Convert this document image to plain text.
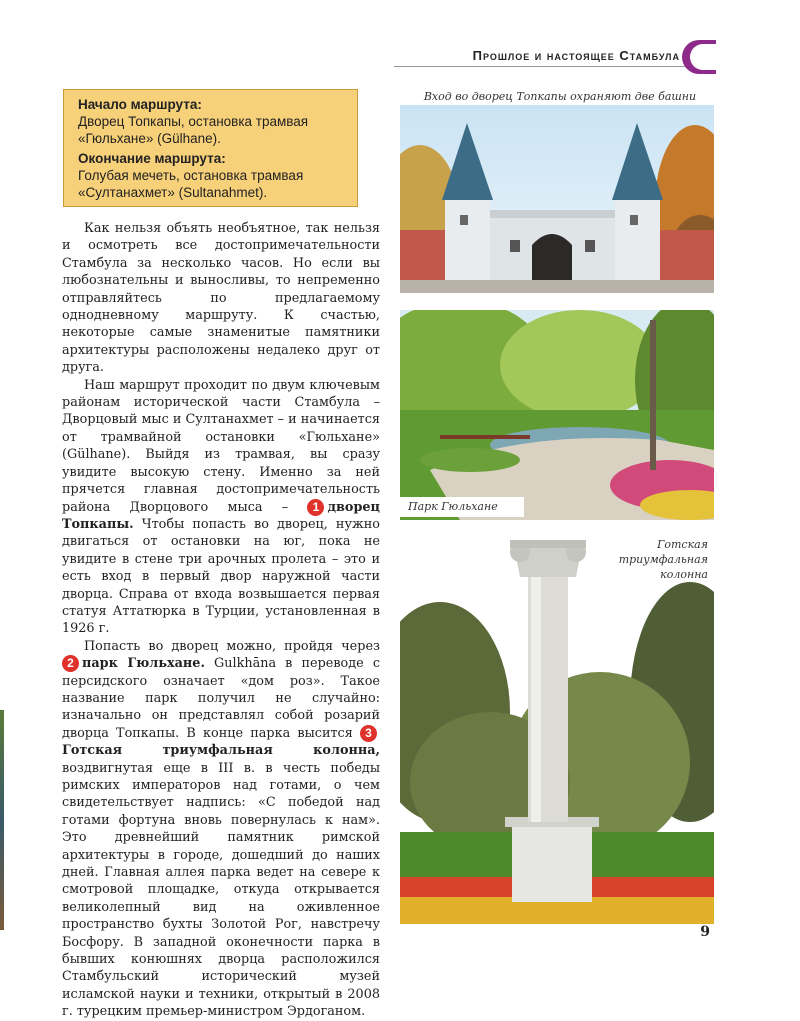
Прошлое и настоящее Стамбула

Начало маршрута:
Дворец Топкапы, остановка трамвая «Гюльхане» (Gülhane).

Окончание маршрута:
Голубая мечеть, остановка трамвая «Султанахмет» (Sultanahmet).

Как нельзя объять необъятное, так нельзя и осмотреть все достопримечательности Стамбула за несколько часов. Но если вы любознательны и выносливы, то непременно отправляйтесь по предлагаемому однодневному маршруту. К счастью, некоторые самые знаменитые памятники архитектуры расположены недалеко друг от друга.

Наш маршрут проходит по двум ключевым районам исторической части Стамбула – Дворцовый мыс и Султанахмет – и начинается от трамвайной остановки «Гюльхане» (Gülhane). Выйдя из трамвая, вы сразу увидите высокую стену. Именно за ней прячется главная достопримечательность района Дворцового мыса – 1 дворец Топкапы. Чтобы попасть во дворец, нужно двигаться от остановки на юг, пока не увидите в стене три арочных пролета – это и есть вход в первый двор наружной части дворца. Справа от входа возвышается первая статуя Аттатюрка в Турции, установленная в 1926 г.

Попасть во дворец можно, пройдя через 2 парк Гюльхане. Gulkhāna в переводе с персидского означает «дом роз». Такое название парк получил не случайно: изначально он представлял собой розарий дворца Топкапы. В конце парка высится 3Готская триумфальная колонна, воздвигнутая еще в III в. в честь победы римских императоров над готами, о чем свидетельствует надпись: «С победой над готами фортуна вновь повернулась к нам». Это древнейший памятник римской архитектуры в городе, дошедший до наших дней. Главная аллея парка ведет на севере к смотровой площадке, откуда открывается великолепный вид на оживленное пространство бухты Золотой Рог, навстречу Босфору. В западной оконечности парка в бывших конюшнях дворца расположился Стамбульский исторический музей исламской науки и техники, открытый в 2008 г. турецким премьер-министром Эрдоганом.

Вход во дворец Топкапы охраняют две башни
Парк Гюльхане
Готская
триумфальная
колонна
9
